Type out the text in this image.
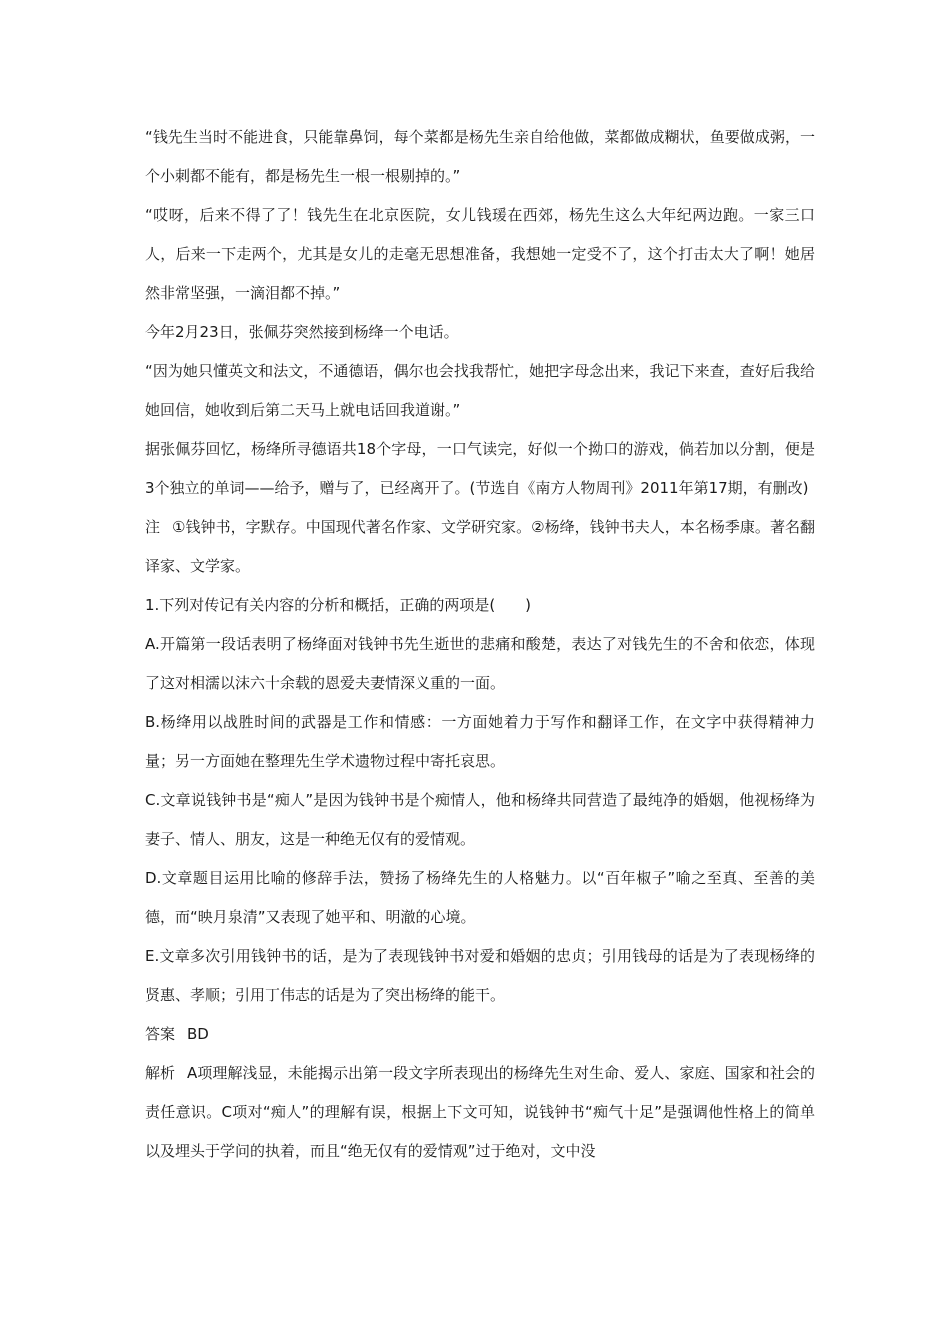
“钱先生当时不能进食，只能靠鼻饲，每个菜都是杨先生亲自给他做，菜都做成糊状，鱼要做成粥，一个小刺都不能有，都是杨先生一根一根剔掉的。”

“哎呀，后来不得了了！钱先生在北京医院，女儿钱瑗在西郊，杨先生这么大年纪两边跑。一家三口人，后来一下走两个，尤其是女儿的走毫无思想准备，我想她一定受不了，这个打击太大了啊！她居然非常坚强，一滴泪都不掉。”

今年2月23日，张佩芬突然接到杨绛一个电话。

“因为她只懂英文和法文，不通德语，偶尔也会找我帮忙，她把字母念出来，我记下来查，查好后我给她回信，她收到后第二天马上就电话回我道谢。”

据张佩芬回忆，杨绛所寻德语共18个字母，一口气读完，好似一个拗口的游戏，倘若加以分割，便是3个独立的单词——给予，赠与了，已经离开了。(节选自《南方人物周刊》2011年第17期，有删改)

注 ①钱钟书，字默存。中国现代著名作家、文学研究家。②杨绛，钱钟书夫人，本名杨季康。著名翻译家、文学家。

1.下列对传记有关内容的分析和概括，正确的两项是(　　)

A.开篇第一段话表明了杨绛面对钱钟书先生逝世的悲痛和酸楚，表达了对钱先生的不舍和依恋，体现了这对相濡以沫六十余载的恩爱夫妻情深义重的一面。

B.杨绛用以战胜时间的武器是工作和情感：一方面她着力于写作和翻译工作，在文字中获得精神力量；另一方面她在整理先生学术遗物过程中寄托哀思。

C.文章说钱钟书是“痴人”是因为钱钟书是个痴情人，他和杨绛共同营造了最纯净的婚姻，他视杨绛为妻子、情人、朋友，这是一种绝无仅有的爱情观。

D.文章题目运用比喻的修辞手法，赞扬了杨绛先生的人格魅力。以“百年椒子”喻之至真、至善的美德，而“映月泉清”又表现了她平和、明澈的心境。

E.文章多次引用钱钟书的话，是为了表现钱钟书对爱和婚姻的忠贞；引用钱母的话是为了表现杨绛的贤惠、孝顺；引用丁伟志的话是为了突出杨绛的能干。

答案 BD

解析 A项理解浅显，未能揭示出第一段文字所表现出的杨绛先生对生命、爱人、家庭、国家和社会的责任意识。C项对“痴人”的理解有误，根据上下文可知，说钱钟书“痴气十足”是强调他性格上的简单以及埋头于学问的执着，而且“绝无仅有的爱情观”过于绝对，文中没
